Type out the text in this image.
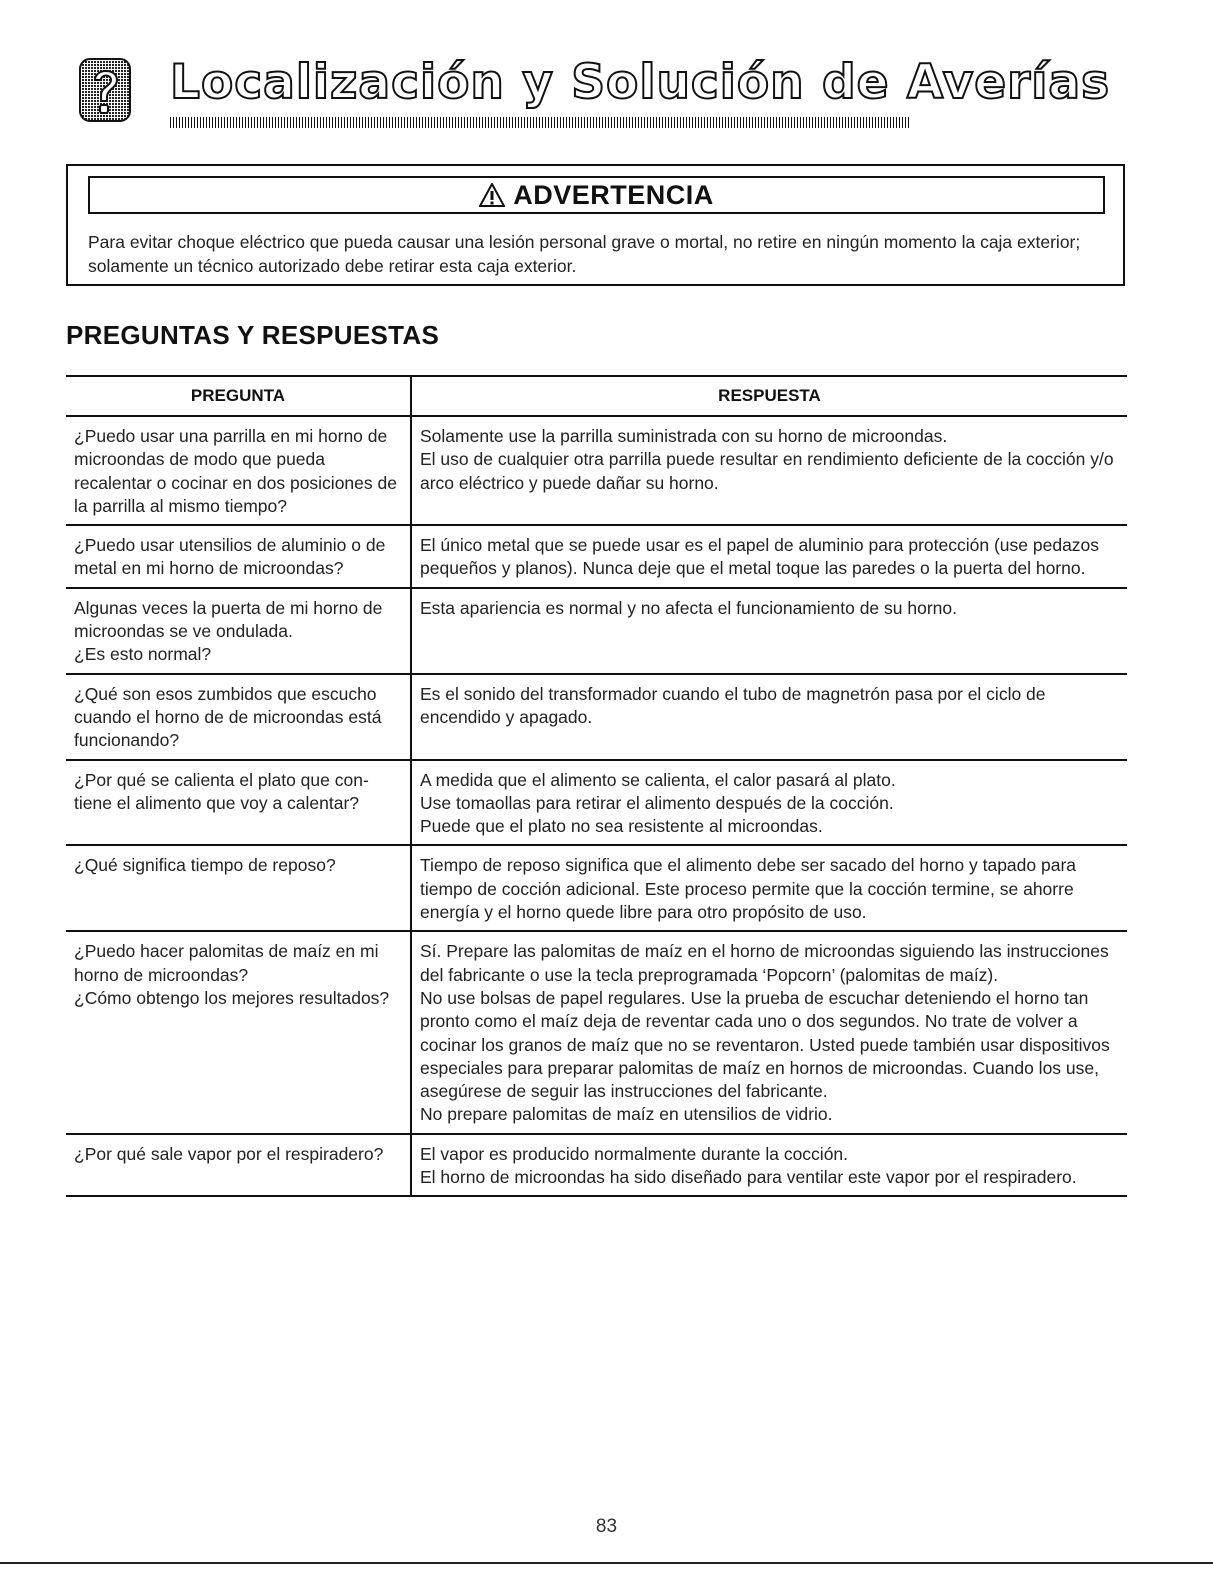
Localización y Solución de Averías
ADVERTENCIA

Para evitar choque eléctrico que pueda causar una lesión personal grave o mortal, no retire en ningún momento la caja exterior; solamente un técnico autorizado debe retirar esta caja exterior.

PREGUNTAS Y RESPUESTAS
PREGUNTA	RESPUESTA

¿Puedo usar una parrilla en mi horno de microondas de modo que pueda recalentar o cocinar en dos posiciones de la parrilla al mismo tiempo?	Solamente use la parrilla suministrada con su horno de microondas.
El uso de cualquier otra parrilla puede resultar en rendimiento deficiente de la cocción y/o arco eléctrico y puede dañar su horno.

¿Puedo usar utensilios de aluminio o de metal en mi horno de microondas?	El único metal que se puede usar es el papel de aluminio para protección (use pedazos pequeños y planos). Nunca deje que el metal toque las paredes o la puerta del horno.

Algunas veces la puerta de mi horno de microondas se ve ondulada.
¿Es esto normal?	Esta apariencia es normal y no afecta el funcionamiento de su horno.

¿Qué son esos zumbidos que escucho cuando el horno de de microondas está funcionando?	Es el sonido del transformador cuando el tubo de magnetrón pasa por el ciclo de encendido y apagado.

¿Por qué se calienta el plato que con-tiene el alimento que voy a calentar?	A medida que el alimento se calienta, el calor pasará al plato.
Use tomaollas para retirar el alimento después de la cocción.
Puede que el plato no sea resistente al microondas.

¿Qué significa tiempo de reposo?	Tiempo de reposo significa que el alimento debe ser sacado del horno y tapado para tiempo de cocción adicional. Este proceso permite que la cocción termine, se ahorre energía y el horno quede libre para otro propósito de uso.

¿Puedo hacer palomitas de maíz en mi horno de microondas?
¿Cómo obtengo los mejores resultados?	Sí. Prepare las palomitas de maíz en el horno de microondas siguiendo las instrucciones del fabricante o use la tecla preprogramada ‘Popcorn’ (palomitas de maíz).
No use bolsas de papel regulares. Use la prueba de escuchar deteniendo el horno tan pronto como el maíz deja de reventar cada uno o dos segundos. No trate de volver a cocinar los granos de maíz que no se reventaron. Usted puede también usar dispositivos especiales para preparar palomitas de maíz en hornos de microondas. Cuando los use, asegúrese de seguir las instrucciones del fabricante.
No prepare palomitas de maíz en utensilios de vidrio.

¿Por qué sale vapor por el respiradero?	El vapor es producido normalmente durante la cocción.
El horno de microondas ha sido diseñado para ventilar este vapor por el respiradero.

83
